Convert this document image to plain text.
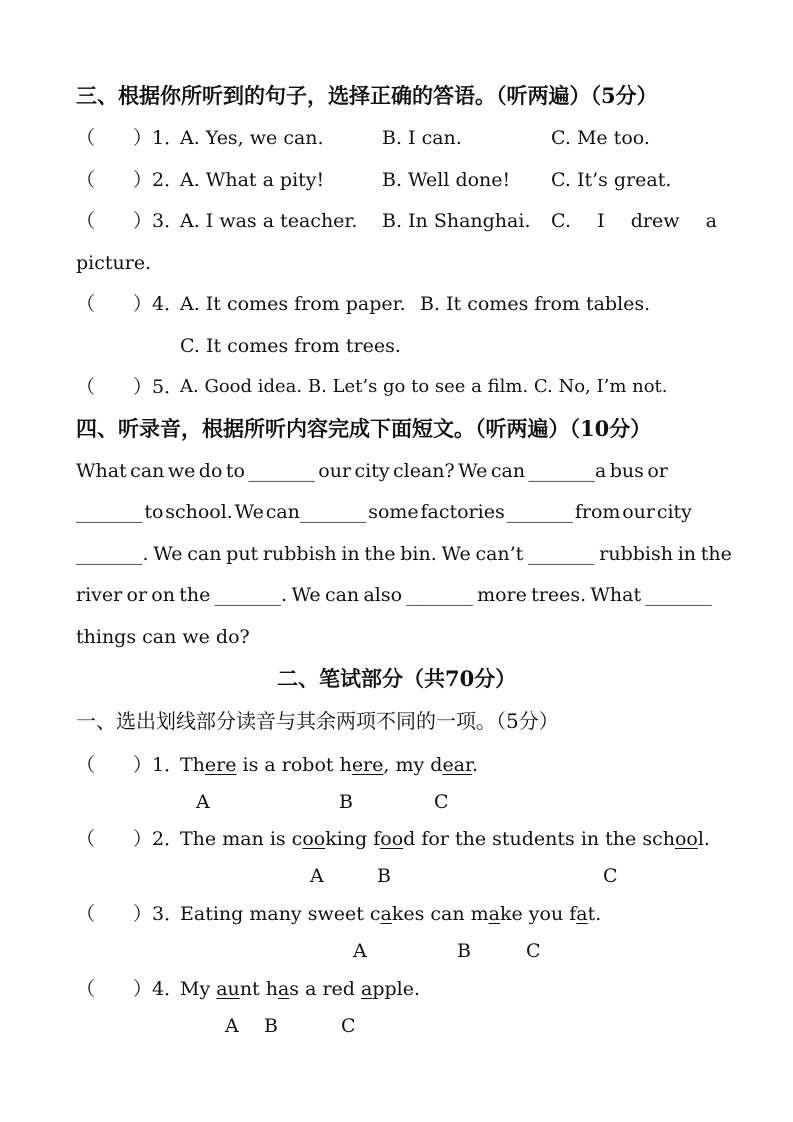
三、根据你所听到的句子，选择正确的答语。（听两遍）（5分）
（　　）1．
A. Yes, we can.	B. I can.	C. Me too.
（　　）2．
A. What a pity!	B. Well done! C. It’s great.
（　　）3．
A. I was a teacher. B. In Shanghai. C. I drew a
picture.
（　　）4．
A. It comes from paper. B. It comes from tables.
C. It comes from trees.
（　　）5．
A. Good idea. B. Let’s go to see a film. C. No, I’m not.
四、听录音，根据所听内容完成下面短文。（听两遍）（10分）
What can we do to _______ our city clean? We can _______a bus or
_______ to school. We can_______ some factories _______ from our city
_______. We can put rubbish in the bin. We can’t _______ rubbish in the
river or on the _______. We can also _______ more trees. What _______
things can we do?
二、笔试部分（共70分）
一、选出划线部分读音与其余两项不同的一项。（5分）
（　　）1．
There is a robot here, my dear.
A	B	C
（　　）2．
The man is cooking food for the students in the school.
A	B	C
（　　）3．
Eating many sweet cakes can make you fat.
A	B	C
（　　）4．
My aunt has a red apple.
A B	C
